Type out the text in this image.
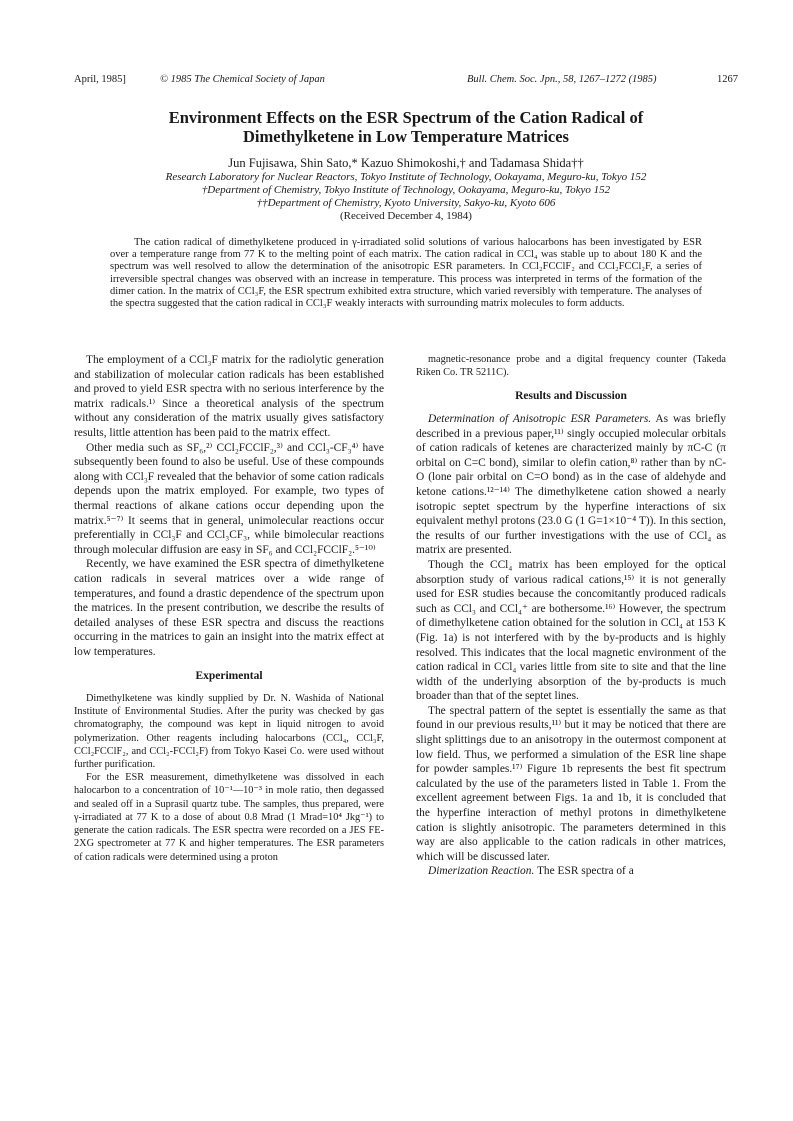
April, 1985]	© 1985 The Chemical Society of Japan	Bull. Chem. Soc. Jpn., 58, 1267–1272 (1985)	1267
Environment Effects on the ESR Spectrum of the Cation Radical of
Dimethylketene in Low Temperature Matrices
Jun Fujisawa, Shin Sato,* Kazuo Shimokoshi,† and Tadamasa Shida††
Research Laboratory for Nuclear Reactors, Tokyo Institute of Technology, Ookayama, Meguro-ku, Tokyo 152
†Department of Chemistry, Tokyo Institute of Technology, Ookayama, Meguro-ku, Tokyo 152
††Department of Chemistry, Kyoto University, Sakyo-ku, Kyoto 606
(Received December 4, 1984)

The cation radical of dimethylketene produced in γ-irradiated solid solutions of various halocarbons has been investigated by ESR over a temperature range from 77 K to the melting point of each matrix. The cation radical in CCl₄ was stable up to about 180 K and the spectrum was well resolved to allow the determination of the anisotropic ESR parameters. In CCl₂FCClF₂ and CCl₂FCCl₂F, a series of irreversible spectral changes was observed with an increase in temperature. This process was interpreted in terms of the formation of the dimer cation. In the matrix of CCl₃F, the ESR spectrum exhibited extra structure, which varied reversibly with temperature. The analyses of the spectra suggested that the cation radical in CCl₃F weakly interacts with surrounding matrix molecules to form adducts.

The employment of a CCl₃F matrix for the radiolytic generation and stabilization of molecular cation radicals has been established and proved to yield ESR spectra with no serious interference by the matrix radicals.¹⁾ Since a theoretical analysis of the spectrum without any consideration of the matrix usually gives satisfactory results, little attention has been paid to the matrix effect.

Other media such as SF₆,²⁾ CCl₂FCClF₂,³⁾ and CCl₃-CF₃⁴⁾ have subsequently been found to also be useful. Use of these compounds along with CCl₃F revealed that the behavior of some cation radicals depends upon the matrix employed. For example, two types of thermal reactions of alkane cations occur depending upon the matrix.⁵⁻⁷⁾ It seems that in general, unimolecular reactions occur preferentially in CCl₃F and CCl₃CF₃, while bimolecular reactions through molecular diffusion are easy in SF₆ and CCl₂FCClF₂.⁵⁻¹⁰⁾

Recently, we have examined the ESR spectra of dimethylketene cation radicals in several matrices over a wide range of temperatures, and found a drastic dependence of the spectrum upon the matrices. In the present contribution, we describe the results of detailed analyses of these ESR spectra and discuss the reactions occurring in the matrices to gain an insight into the matrix effect at low temperatures.

Experimental

Dimethylketene was kindly supplied by Dr. N. Washida of National Institute of Environmental Studies. After the purity was checked by gas chromatography, the compound was kept in liquid nitrogen to avoid polymerization. Other reagents including halocarbons (CCl₄, CCl₃F, CCl₂FCClF₂, and CCl₂-FCCl₂F) from Tokyo Kasei Co. were used without further purification.

For the ESR measurement, dimethylketene was dissolved in each halocarbon to a concentration of 10⁻¹—10⁻³ in mole ratio, then degassed and sealed off in a Suprasil quartz tube. The samples, thus prepared, were γ-irradiated at 77 K to a dose of about 0.8 Mrad (1 Mrad=10⁴ Jkg⁻¹) to generate the cation radicals. The ESR spectra were recorded on a JES FE-2XG spectrometer at 77 K and higher temperatures. The ESR parameters of cation radicals were determined using a proton

magnetic-resonance probe and a digital frequency counter (Takeda Riken Co. TR 5211C).

Results and Discussion

Determination of Anisotropic ESR Parameters. As was briefly described in a previous paper,¹¹⁾ singly occupied molecular orbitals of cation radicals of ketenes are characterized mainly by πC-C (π orbital on C=C bond), similar to olefin cation,⁸⁾ rather than by nC-O (lone pair orbital on C=O bond) as in the case of aldehyde and ketone cations.¹²⁻¹⁴⁾ The dimethylketene cation showed a nearly isotropic septet spectrum by the hyperfine interactions of six equivalent methyl protons (23.0 G (1 G=1×10⁻⁴ T)). In this section, the results of our further investigations with the use of CCl₄ as matrix are presented.

Though the CCl₄ matrix has been employed for the optical absorption study of various radical cations,¹⁵⁾ it is not generally used for ESR studies because the concomitantly produced radicals such as CCl₃ and CCl₄⁺ are bothersome.¹⁶⁾ However, the spectrum of dimethylketene cation obtained for the solution in CCl₄ at 153 K (Fig. 1a) is not interfered with by the by-products and is highly resolved. This indicates that the local magnetic environment of the cation radical in CCl₄ varies little from site to site and that the line width of the underlying absorption of the by-products is much broader than that of the septet lines.

The spectral pattern of the septet is essentially the same as that found in our previous results,¹¹⁾ but it may be noticed that there are slight splittings due to an anisotropy in the outermost component at low field. Thus, we performed a simulation of the ESR line shape for powder samples.¹⁷⁾ Figure 1b represents the best fit spectrum calculated by the use of the parameters listed in Table 1. From the excellent agreement between Figs. 1a and 1b, it is concluded that the hyperfine interaction of methyl protons in dimethylketene cation is slightly anisotropic. The parameters determined in this way are also applicable to the cation radicals in other matrices, which will be discussed later.

Dimerization Reaction. The ESR spectra of a
